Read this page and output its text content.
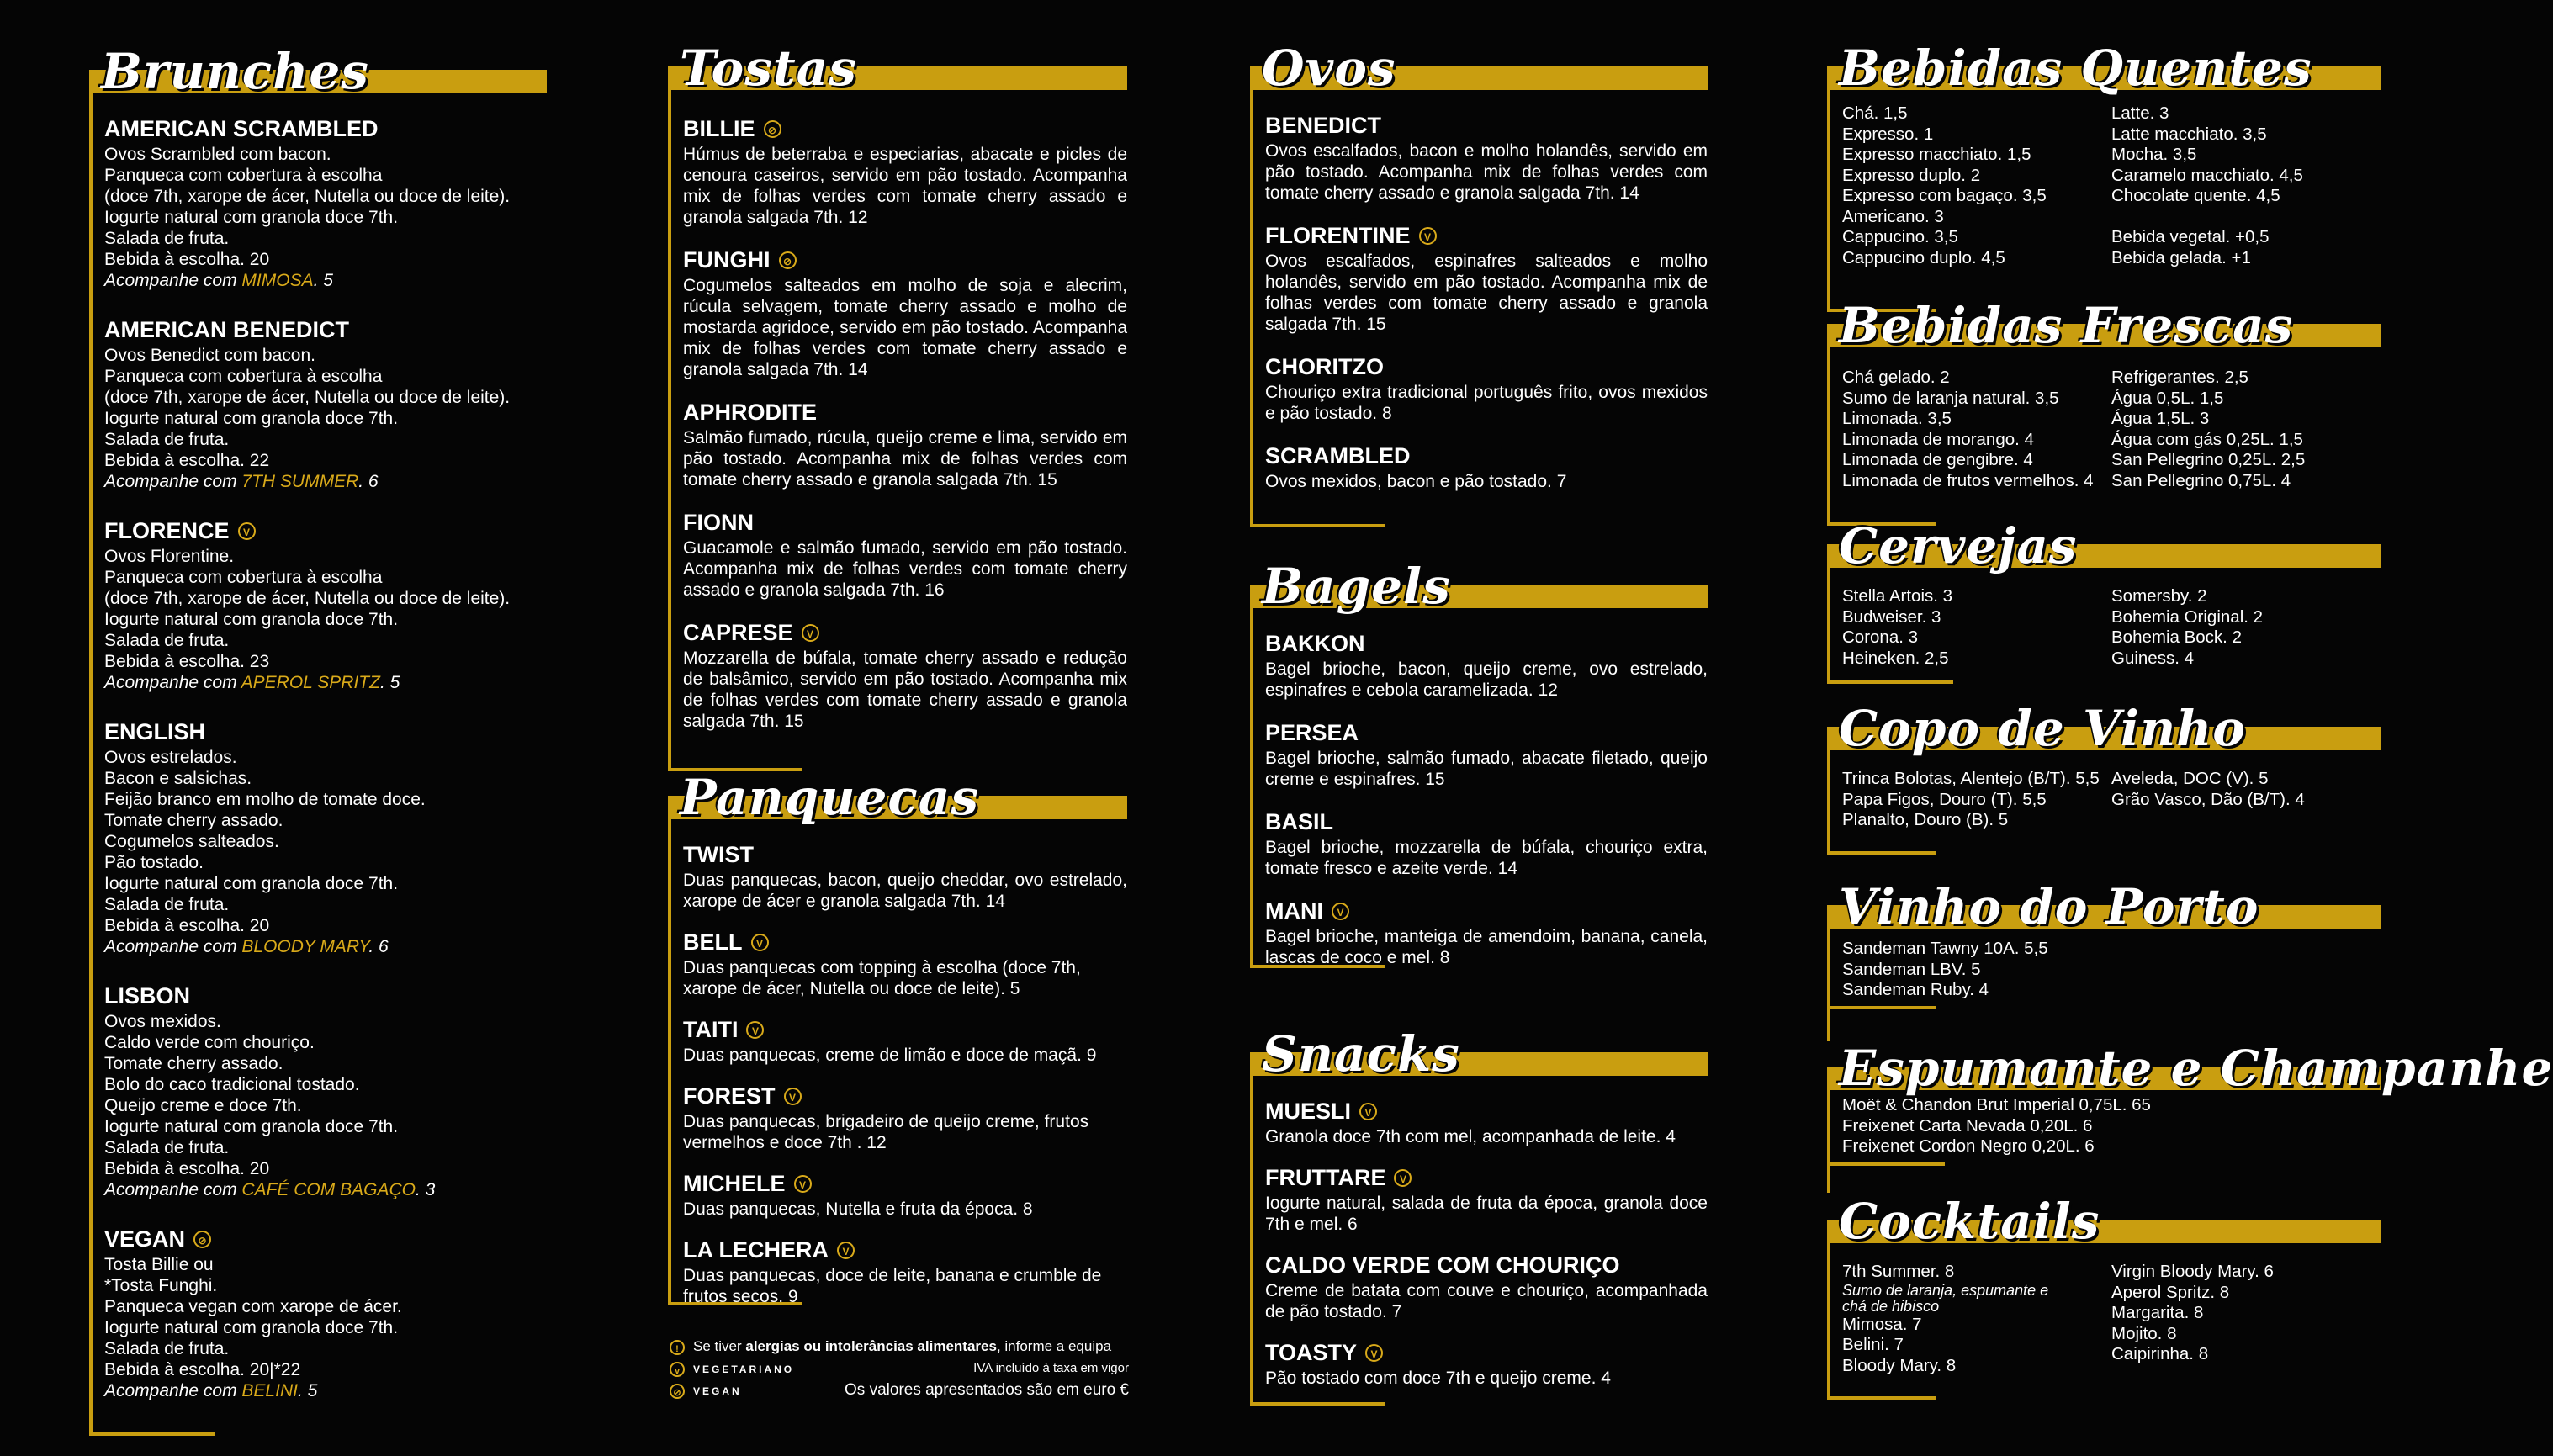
Brunches
AMERICAN SCRAMBLED
Ovos Scrambled com bacon.
Panqueca com cobertura à escolha
(doce 7th, xarope de ácer, Nutella ou doce de leite).
Iogurte natural com granola doce 7th.
Salada de fruta.
Bebida à escolha. 20
Acompanhe com MIMOSA. 5
AMERICAN BENEDICT
Ovos Benedict com bacon.
Panqueca com cobertura à escolha
(doce 7th, xarope de ácer, Nutella ou doce de leite).
Iogurte natural com granola doce 7th.
Salada de fruta.
Bebida à escolha. 22
Acompanhe com 7TH SUMMER. 6
FLORENCE V
Ovos Florentine.
Panqueca com cobertura à escolha
(doce 7th, xarope de ácer, Nutella ou doce de leite).
Iogurte natural com granola doce 7th.
Salada de fruta.
Bebida à escolha. 23
Acompanhe com APEROL SPRITZ. 5
ENGLISH
Ovos estrelados.
Bacon e salsichas.
Feijão branco em molho de tomate doce.
Tomate cherry assado.
Cogumelos salteados.
Pão tostado.
Iogurte natural com granola doce 7th.
Salada de fruta.
Bebida à escolha. 20
Acompanhe com BLOODY MARY. 6
LISBON
Ovos mexidos.
Caldo verde com chouriço.
Tomate cherry assado.
Bolo do caco tradicional tostado.
Queijo creme e doce 7th.
Iogurte natural com granola doce 7th.
Salada de fruta.
Bebida à escolha. 20
Acompanhe com CAFÉ COM BAGAÇO. 3
VEGAN ⊘
Tosta Billie ou
*Tosta Funghi.
Panqueca vegan com xarope de ácer.
Iogurte natural com granola doce 7th.
Salada de fruta.
Bebida à escolha. 20|*22
Acompanhe com BELINI. 5
Tostas
BILLIE ⊘
Húmus de beterraba e especiarias, abacate e picles de cenoura caseiros, servido em pão tostado. Acompanha mix de folhas verdes com tomate cherry assado e granola salgada 7th. 12
FUNGHI ⊘
Cogumelos salteados em molho de soja e alecrim, rúcula selvagem, tomate cherry assado e molho de mostarda agridoce, servido em pão tostado. Acompanha mix de folhas verdes com tomate cherry assado e granola salgada 7th. 14
APHRODITE
Salmão fumado, rúcula, queijo creme e lima, servido em pão tostado. Acompanha mix de folhas verdes com tomate cherry assado e granola salgada 7th. 15
FIONN
Guacamole e salmão fumado, servido em pão tostado. Acompanha mix de folhas verdes com tomate cherry assado e granola salgada 7th. 16
CAPRESE V
Mozzarella de búfala, tomate cherry assado e redução de balsâmico, servido em pão tostado. Acompanha mix de folhas verdes com tomate cherry assado e granola salgada 7th. 15
Panquecas
TWIST
Duas panquecas, bacon, queijo cheddar, ovo estrelado, xarope de ácer e granola salgada 7th. 14
BELL V
Duas panquecas com topping à escolha (doce 7th, xarope de ácer, Nutella ou doce de leite). 5
TAITI V
Duas panquecas, creme de limão e doce de maçã. 9
FOREST V
Duas panquecas, brigadeiro de queijo creme, frutos vermelhos e doce 7th . 12
MICHELE V
Duas panquecas, Nutella e fruta da época. 8
LA LECHERA V
Duas panquecas, doce de leite, banana e crumble de frutos secos. 9
! Se tiver alergias ou intolerâncias alimentares, informe a equipa
v VEGETARIANO	IVA incluído à taxa em vigor
⊘ VEGAN	Os valores apresentados são em euro €
Ovos
BENEDICT
Ovos escalfados, bacon e molho holandês, servido em pão tostado. Acompanha mix de folhas verdes com tomate cherry assado e granola salgada 7th. 14
FLORENTINE V
Ovos escalfados, espinafres salteados e molho holandês, servido em pão tostado. Acompanha mix de folhas verdes com tomate cherry assado e granola salgada 7th. 15
CHORITZO
Chouriço extra tradicional português frito, ovos mexidos e pão tostado. 8
SCRAMBLED
Ovos mexidos, bacon e pão tostado. 7
Bagels
BAKKON
Bagel brioche, bacon, queijo creme, ovo estrelado, espinafres e cebola caramelizada. 12
PERSEA
Bagel brioche, salmão fumado, abacate filetado, queijo creme e espinafres. 15
BASIL
Bagel brioche, mozzarella de búfala, chouriço extra, tomate fresco e azeite verde. 14
MANI V
Bagel brioche, manteiga de amendoim, banana, canela, lascas de coco e mel. 8
Snacks
MUESLI V
Granola doce 7th com mel, acompanhada de leite. 4
FRUTTARE V
Iogurte natural, salada de fruta da época, granola doce 7th e mel. 6
CALDO VERDE COM CHOURIÇO
Creme de batata com couve e chouriço, acompanhada de pão tostado. 7
TOASTY V
Pão tostado com doce 7th e queijo creme. 4
Bebidas Quentes
Chá. 1,5
Expresso. 1
Expresso macchiato. 1,5
Expresso duplo. 2
Expresso com bagaço. 3,5
Americano. 3
Cappucino. 3,5
Cappucino duplo. 4,5
Latte. 3
Latte macchiato. 3,5
Mocha. 3,5
Caramelo macchiato. 4,5
Chocolate quente. 4,5
Bebida vegetal. +0,5
Bebida gelada. +1
Bebidas Frescas
Chá gelado. 2
Sumo de laranja natural. 3,5
Limonada. 3,5
Limonada de morango. 4
Limonada de gengibre. 4
Limonada de frutos vermelhos. 4
Refrigerantes. 2,5
Água 0,5L. 1,5
Água 1,5L. 3
Água com gás 0,25L. 1,5
San Pellegrino 0,25L. 2,5
San Pellegrino 0,75L. 4
Cervejas
Stella Artois. 3
Budweiser. 3
Corona. 3
Heineken. 2,5
Somersby. 2
Bohemia Original. 2
Bohemia Bock. 2
Guiness. 4
Copo de Vinho
Trinca Bolotas, Alentejo (B/T). 5,5
Papa Figos, Douro (T). 5,5
Planalto, Douro (B). 5
Aveleda, DOC (V). 5
Grão Vasco, Dão (B/T). 4
Vinho do Porto
Sandeman Tawny 10A. 5,5
Sandeman LBV. 5
Sandeman Ruby. 4
Espumante e Champanhe
Moët & Chandon Brut Imperial 0,75L. 65
Freixenet Carta Nevada 0,20L. 6
Freixenet Cordon Negro 0,20L. 6
Cocktails
7th Summer. 8
Sumo de laranja, espumante e
chá de hibisco
Mimosa. 7
Belini. 7
Bloody Mary. 8
Virgin Bloody Mary. 6
Aperol Spritz. 8
Margarita. 8
Mojito. 8
Caipirinha. 8
